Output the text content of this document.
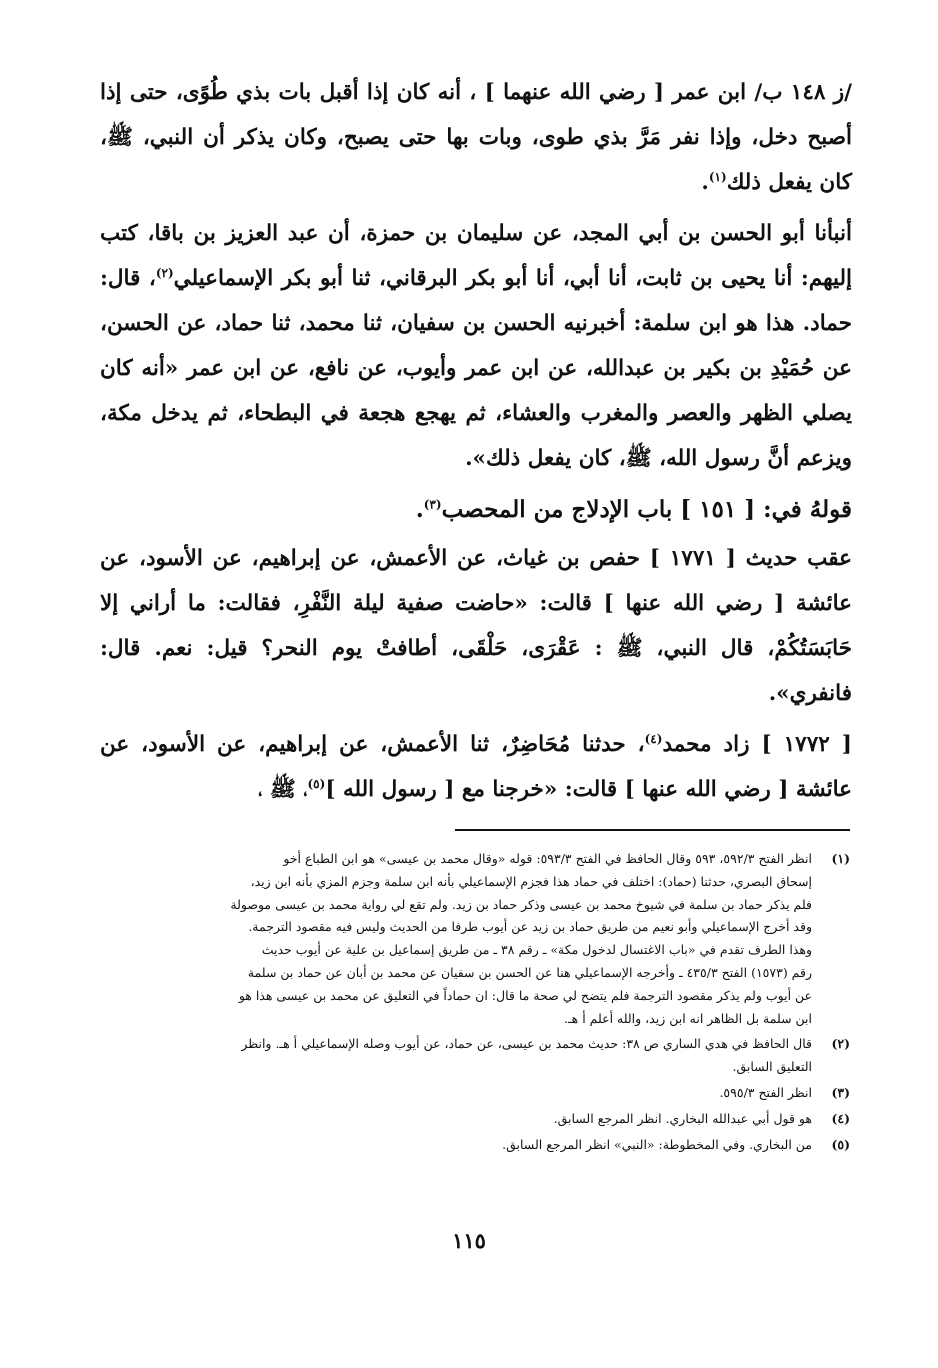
/ز ١٤٨ ب/ ابن عمر [ رضي الله عنهما ] ، أنه كان إذا أقبل بات بذي طُوًى، حتى إذا أصبح دخل، وإذا نفر مَرَّ بذي طوى، وبات بها حتى يصبح، وكان يذكر أن النبي، ﷺ، كان يفعل ذلك$^{(١)}$.

أنبأنا أبو الحسن بن أبي المجد، عن سليمان بن حمزة، أن عبد العزيز بن باقا، كتب إليهم: أنا يحيى بن ثابت، أنا أبي، أنا أبو بكر البرقاني، ثنا أبو بكر الإسماعيلي$^{(٢)}$، قال: حماد. هذا هو ابن سلمة: أخبرنيه الحسن بن سفيان، ثنا محمد، ثنا حماد، عن الحسن، عن حُمَيْدِ بن بكير بن عبدالله، عن ابن عمر وأيوب، عن نافع، عن ابن عمر «أنه كان يصلي الظهر والعصر والمغرب والعشاء، ثم يهجع هجعة في البطحاء، ثم يدخل مكة، ويزعم أنَّ رسول الله، ﷺ، كان يفعل ذلك».

قولهُ في: [ ١٥١ ] باب الإدلاج من المحصب$^{(٣)}$.

عقب حديث [ ١٧٧١ ] حفص بن غياث، عن الأعمش، عن إبراهيم، عن الأسود، عن عائشة [ رضي الله عنها ] قالت: «حاضت صفية ليلة النَّفْرِ، فقالت: ما أراني إلا حَابَسَتُكُمْ، قال النبي، ﷺ : عَقْرَى، حَلْقَى، أطافتْ يوم النحر؟ قيل: نعم. قال: فانفري».

[ ١٧٧٢ ] زاد محمد$^{(٤)}$، حدثنا مُحَاضِرٌ، ثنا الأعمش، عن إبراهيم، عن الأسود، عن عائشة [ رضي الله عنها ] قالت: «خرجنا مع [ رسول الله ]$^{(٥)}$، ﷺ ،

(١)
انظر الفتح ٥٩٢/٣، ٥٩٣ وقال الحافظ في الفتح ٥٩٣/٣: قوله «وقال محمد بن عيسى» هو ابن الطباع أخو
إسحاق البصري، حدثنا (حماد): اختلف في حماد هذا فجزم الإسماعيلي بأنه ابن سلمة وجزم المزي بأنه ابن زيد،
فلم يذكر حماد بن سلمة في شيوخ محمد بن عيسى وذكر حماد بن زيد. ولم تقع لي رواية محمد بن عيسى موصولة
وقد أخرج الإسماعيلي وأبو نعيم من طريق حماد بن زيد عن أيوب طرفا من الحديث وليس فيه مقصود الترجمة.
وهذا الطرف تقدم في «باب الاغتسال لدخول مكة» ـ رقم ٣٨ ـ من طريق إسماعيل بن علية عن أيوب حديث
رقم (١٥٧٣) الفتح ٤٣٥/٣ ـ وأخرجه الإسماعيلي هنا عن الحسن بن سفيان عن محمد بن أبان عن حماد بن سلمة
عن أيوب ولم يذكر مقصود الترجمة فلم يتضح لي صحة ما قال: ان حماداً في التعليق عن محمد بن عيسى هذا هو
ابن سلمة بل الظاهر انه ابن زيد، والله أعلم أ هـ.
(٢)
قال الحافظ في هدي الساري ص ٣٨: حديث محمد بن عيسى، عن حماد، عن أيوب وصله الإسماعيلي أ هـ. وانظر
التعليق السابق.
(٣)
انظر الفتح ٥٩٥/٣.
(٤)
هو قول أبي عبدالله البخاري. انظر المرجع السابق.
(٥)
من البخاري. وفي المخطوطة: «النبي» انظر المرجع السابق.
١١٥
